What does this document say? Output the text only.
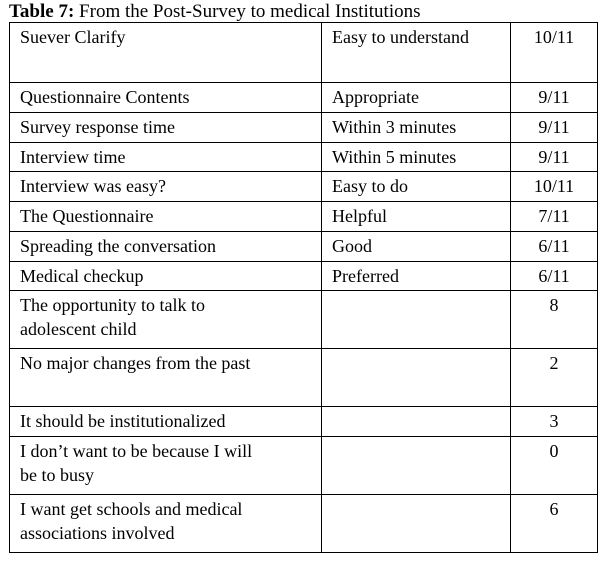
Table 7: From the Post-Survey to medical Institutions
Suever Clarify	Easy to understand	10/11
Questionnaire Contents	Appropriate	9/11
Survey response time	Within 3 minutes	9/11
Interview time	Within 5 minutes	9/11
Interview was easy?	Easy to do	10/11
The Questionnaire	Helpful	7/11
Spreading the conversation	Good	6/11
Medical checkup	Preferred	6/11

The opportunity to talk to
adolescent child		8
No major changes from the past		2
It should be institutionalized		3

I don’t want to be because I will
be to busy		0

I want get schools and medical
associations involved		6
